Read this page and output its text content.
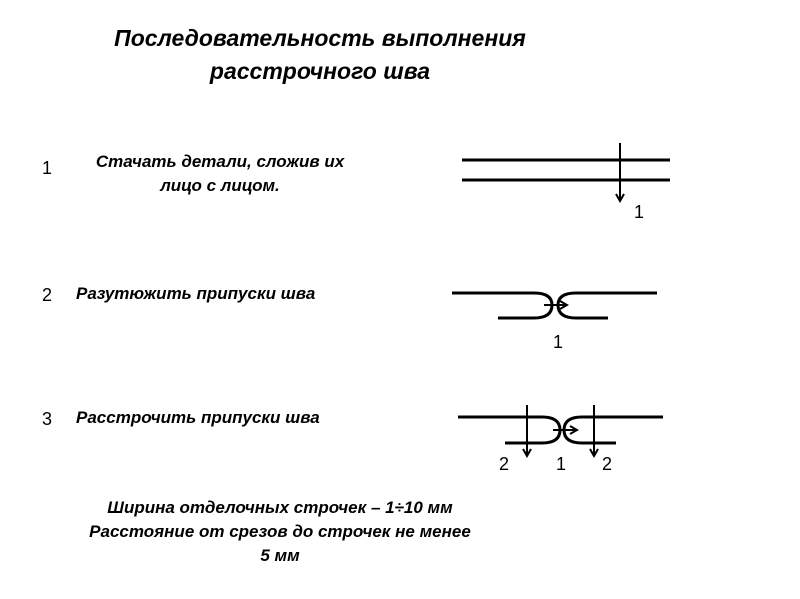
Последовательность выполнения
расстрочного шва
1	Стачать детали, сложив их
лицо с лицом.
2 Разутюжить припуски шва
3 Расстрочить припуски шва
1
1
2	1 2
Ширина отделочных строчек – 1÷10 мм
Расстояние от срезов до строчек не менее
5 мм
